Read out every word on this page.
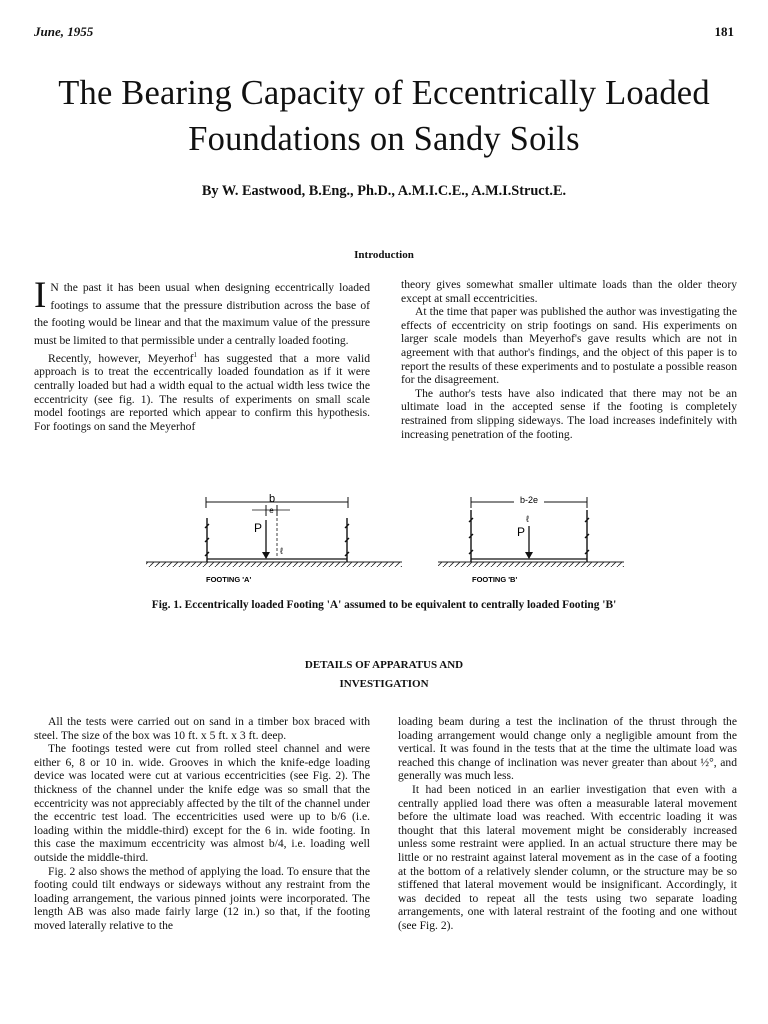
June, 1955	181
The Bearing Capacity of Eccentrically Loaded
Foundations on Sandy Soils
By W. Eastwood, B.Eng., Ph.D., A.M.I.C.E., A.M.I.Struct.E.
Introduction

I N the past it has been usual when designing eccentrically loaded footings to assume that the pressure distribution across the base of the footing would be linear and that the maximum value of the pressure must be limited to that permissible under a centrally loaded footing.

Recently, however, Meyerhof$^1$ has suggested that a more valid approach is to treat the eccentrically loaded foundation as if it were centrally loaded but had a width equal to the actual width less twice the eccentricity (see fig. 1). The results of experiments on small scale model footings are reported which appear to confirm this hypothesis. For footings on sand the Meyerhof

theory gives somewhat smaller ultimate loads than the older theory except at small eccentricities.

At the time that paper was published the author was investigating the effects of eccentricity on strip footings on sand. His experiments on larger scale models than Meyerhof's gave results which are not in agreement with that author's findings, and the object of this paper is to report the results of these experiments and to postulate a possible reason for the disagreement.

The author's tests have also indicated that there may not be an ultimate load in the accepted sense if the footing is completely restrained from slipping sideways. The load increases indefinitely with increasing penetration of the footing.

b
e
P
ℓ
FOOTING 'A'
b-2e
P
ℓ
FOOTING 'B'
Fig. 1. Eccentrically loaded Footing 'A' assumed to be equivalent to centrally loaded Footing 'B'
DETAILS OF APPARATUS AND
INVESTIGATION

All the tests were carried out on sand in a timber box braced with steel. The size of the box was 10 ft. x 5 ft. x 3 ft. deep.

The footings tested were cut from rolled steel channel and were either 6, 8 or 10 in. wide. Grooves in which the knife-edge loading device was located were cut at various eccentricities (see Fig. 2). The thickness of the channel under the knife edge was so small that the eccentricity was not appreciably affected by the tilt of the channel under the eccentric test load. The eccentricities used were up to b/6 (i.e. loading within the middle-third) except for the 6 in. wide footing. In this case the maximum eccentricity was almost b/4, i.e. loading well outside the middle-third.

Fig. 2 also shows the method of applying the load. To ensure that the footing could tilt endways or sideways without any restraint from the loading arrangement, the various pinned joints were incorporated. The length AB was also made fairly large (12 in.) so that, if the footing moved laterally relative to the

loading beam during a test the inclination of the thrust through the loading arrangement would change only a negligible amount from the vertical. It was found in the tests that at the time the ultimate load was reached this change of inclination was never greater than about ½°, and generally was much less.

It had been noticed in an earlier investigation that even with a centrally applied load there was often a measurable lateral movement before the ultimate load was reached. With eccentric loading it was thought that this lateral movement might be considerably increased unless some restraint were applied. In an actual structure there may be little or no restraint against lateral movement as in the case of a footing at the bottom of a relatively slender column, or the structure may be so stiffened that lateral movement would be insignificant. Accordingly, it was decided to repeat all the tests using two separate loading arrangements, one with lateral restraint of the footing and one without (see Fig. 2).
